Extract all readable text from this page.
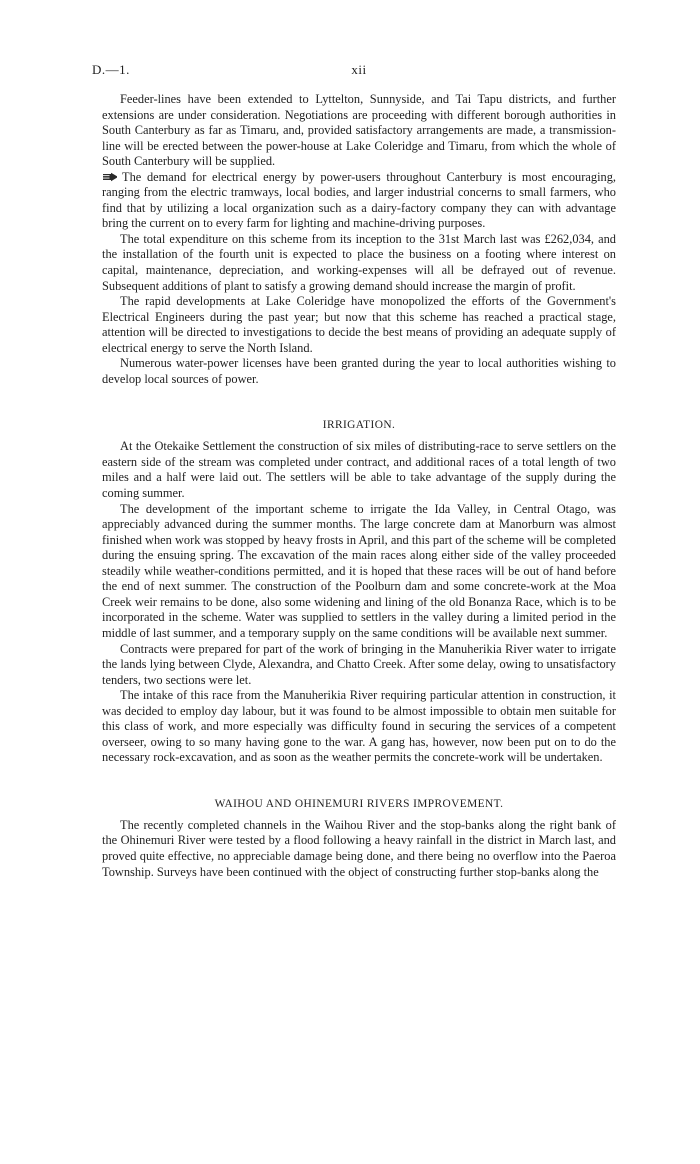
D.—1.	xii

Feeder-lines have been extended to Lyttelton, Sunnyside, and Tai Tapu districts, and further extensions are under consideration. Negotiations are proceeding with different borough authorities in South Canterbury as far as Timaru, and, provided satisfactory arrangements are made, a transmission-line will be erected between the power-house at Lake Coleridge and Timaru, from which the whole of South Canterbury will be supplied.

The demand for electrical energy by power-users throughout Canterbury is most encouraging, ranging from the electric tramways, local bodies, and larger industrial concerns to small farmers, who find that by utilizing a local organization such as a dairy-factory company they can with advantage bring the current on to every farm for lighting and machine-driving purposes.

The total expenditure on this scheme from its inception to the 31st March last was £262,034, and the installation of the fourth unit is expected to place the business on a footing where interest on capital, maintenance, depreciation, and working-expenses will all be defrayed out of revenue. Subsequent additions of plant to satisfy a growing demand should increase the margin of profit.

The rapid developments at Lake Coleridge have monopolized the efforts of the Government's Electrical Engineers during the past year; but now that this scheme has reached a practical stage, attention will be directed to investigations to decide the best means of providing an adequate supply of electrical energy to serve the North Island.

Numerous water-power licenses have been granted during the year to local authorities wishing to develop local sources of power.

IRRIGATION.

At the Otekaike Settlement the construction of six miles of distributing-race to serve settlers on the eastern side of the stream was completed under contract, and additional races of a total length of two miles and a half were laid out. The settlers will be able to take advantage of the supply during the coming summer.

The development of the important scheme to irrigate the Ida Valley, in Central Otago, was appreciably advanced during the summer months. The large concrete dam at Manorburn was almost finished when work was stopped by heavy frosts in April, and this part of the scheme will be completed during the ensuing spring. The excavation of the main races along either side of the valley proceeded steadily while weather-conditions permitted, and it is hoped that these races will be out of hand before the end of next summer. The construction of the Poolburn dam and some concrete-work at the Moa Creek weir remains to be done, also some widening and lining of the old Bonanza Race, which is to be incorporated in the scheme. Water was supplied to settlers in the valley during a limited period in the middle of last summer, and a temporary supply on the same conditions will be available next summer.

Contracts were prepared for part of the work of bringing in the Manuherikia River water to irrigate the lands lying between Clyde, Alexandra, and Chatto Creek. After some delay, owing to unsatisfactory tenders, two sections were let.

The intake of this race from the Manuherikia River requiring particular attention in construction, it was decided to employ day labour, but it was found to be almost impossible to obtain men suitable for this class of work, and more especially was difficulty found in securing the services of a competent overseer, owing to so many having gone to the war. A gang has, however, now been put on to do the necessary rock-excavation, and as soon as the weather permits the concrete-work will be undertaken.

WAIHOU AND OHINEMURI RIVERS IMPROVEMENT.

The recently completed channels in the Waihou River and the stop-banks along the right bank of the Ohinemuri River were tested by a flood following a heavy rainfall in the district in March last, and proved quite effective, no appreciable damage being done, and there being no overflow into the Paeroa Township. Surveys have been continued with the object of constructing further stop-banks along the
